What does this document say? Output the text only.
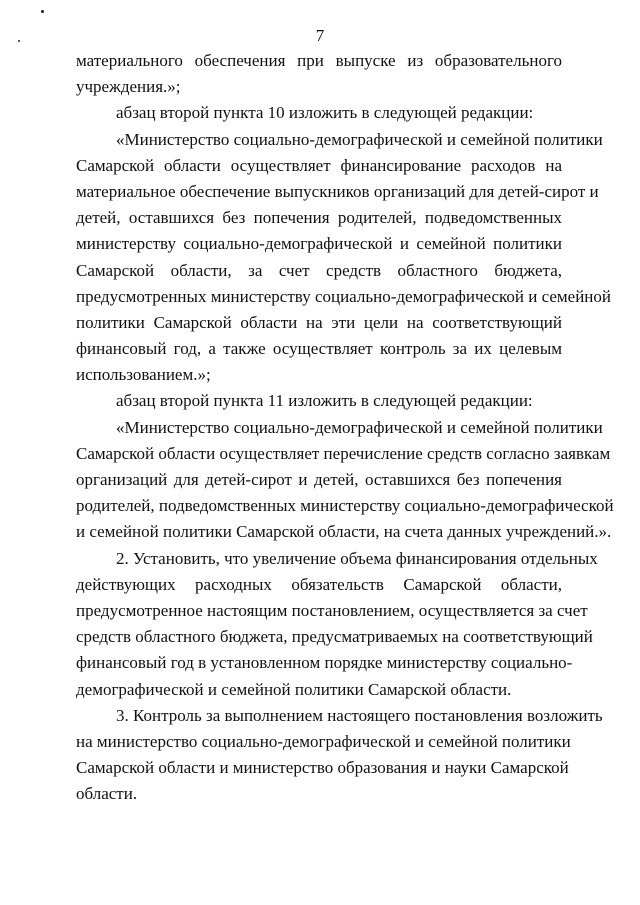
7
материального обеспечения при выпуске из образовательного
учреждения.»;
абзац второй пункта 10 изложить в следующей редакции:
«Министерство социально-демографической и семейной политики
Самарской области осуществляет финансирование расходов на
материальное обеспечение выпускников организаций для детей-сирот и
детей, оставшихся без попечения родителей, подведомственных
министерству социально-демографической и семейной политики
Самарской области, за счет средств областного бюджета,
предусмотренных министерству социально-демографической и семейной
политики Самарской области на эти цели на соответствующий
финансовый год, а также осуществляет контроль за их целевым
использованием.»;
абзац второй пункта 11 изложить в следующей редакции:
«Министерство социально-демографической и семейной политики
Самарской области осуществляет перечисление средств согласно заявкам
организаций для детей-сирот и детей, оставшихся без попечения
родителей, подведомственных министерству социально-демографической
и семейной политики Самарской области, на счета данных учреждений.».
2. Установить, что увеличение объема финансирования отдельных
действующих расходных обязательств Самарской области,
предусмотренное настоящим постановлением, осуществляется за счет
средств областного бюджета, предусматриваемых на соответствующий
финансовый год в установленном порядке министерству социально-
демографической и семейной политики Самарской области.
3. Контроль за выполнением настоящего постановления возложить
на министерство социально-демографической и семейной политики
Самарской области и министерство образования и науки Самарской
области.
